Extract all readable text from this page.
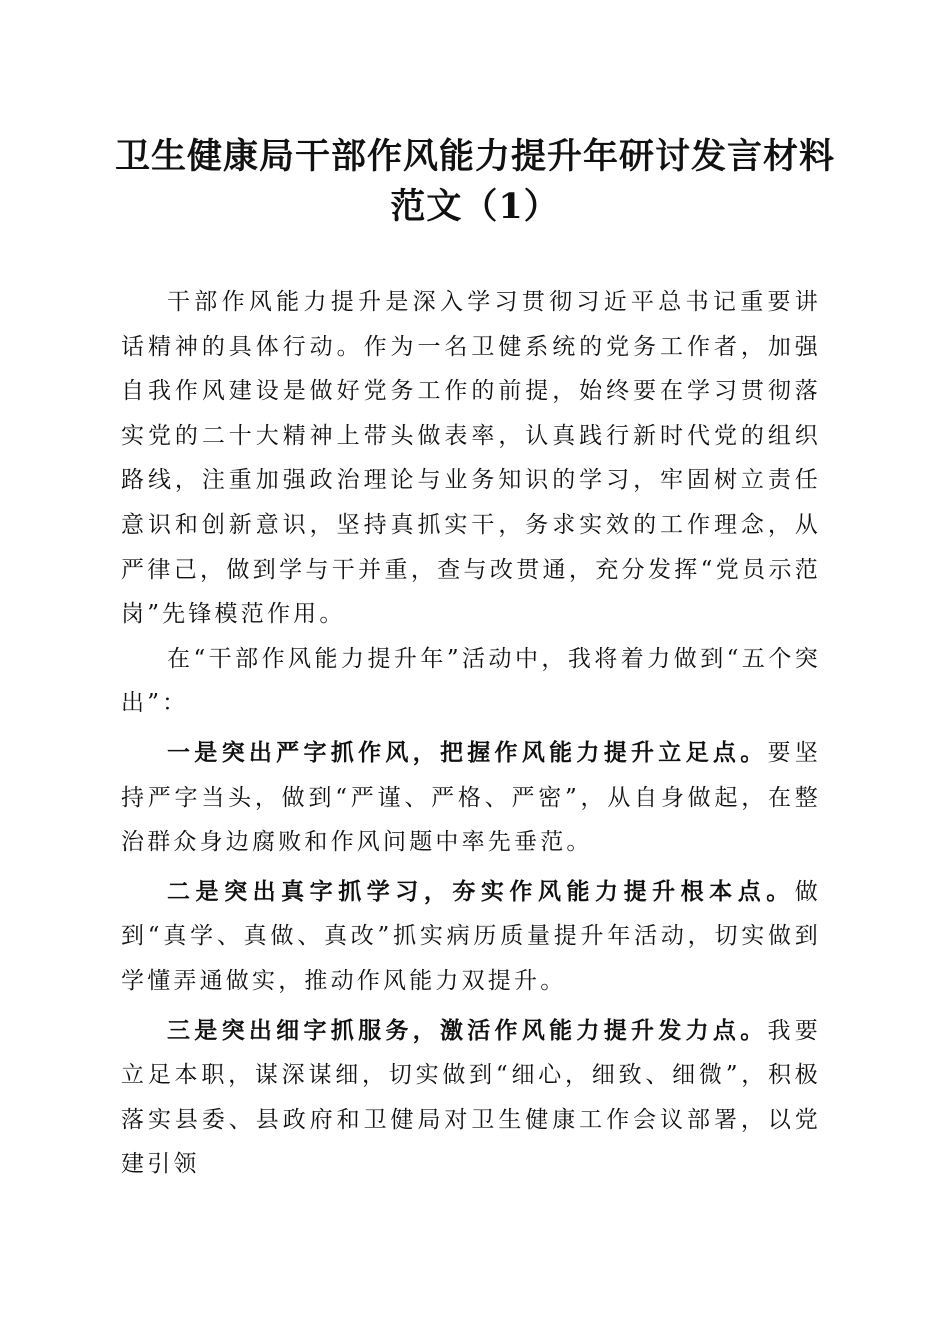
卫生健康局干部作风能力提升年研讨发言材料
范文（1）

干部作风能力提升是深入学习贯彻习近平总书记重要讲话精神的具体行动。作为一名卫健系统的党务工作者，加强自我作风建设是做好党务工作的前提，始终要在学习贯彻落实党的二十大精神上带头做表率，认真践行新时代党的组织路线，注重加强政治理论与业务知识的学习，牢固树立责任意识和创新意识，坚持真抓实干，务求实效的工作理念，从严律己，做到学与干并重，查与改贯通，充分发挥“党员示范岗”先锋模范作用。

在“干部作风能力提升年”活动中，我将着力做到“五个突出”：

一是突出严字抓作风，把握作风能力提升立足点。要坚持严字当头，做到“严谨、严格、严密”，从自身做起，在整治群众身边腐败和作风问题中率先垂范。

二是突出真字抓学习，夯实作风能力提升根本点。做到“真学、真做、真改”抓实病历质量提升年活动，切实做到学懂弄通做实，推动作风能力双提升。

三是突出细字抓服务，激活作风能力提升发力点。我要立足本职，谋深谋细，切实做到“细心，细致、细微”，积极落实县委、县政府和卫健局对卫生健康工作会议部署，以党建引领
